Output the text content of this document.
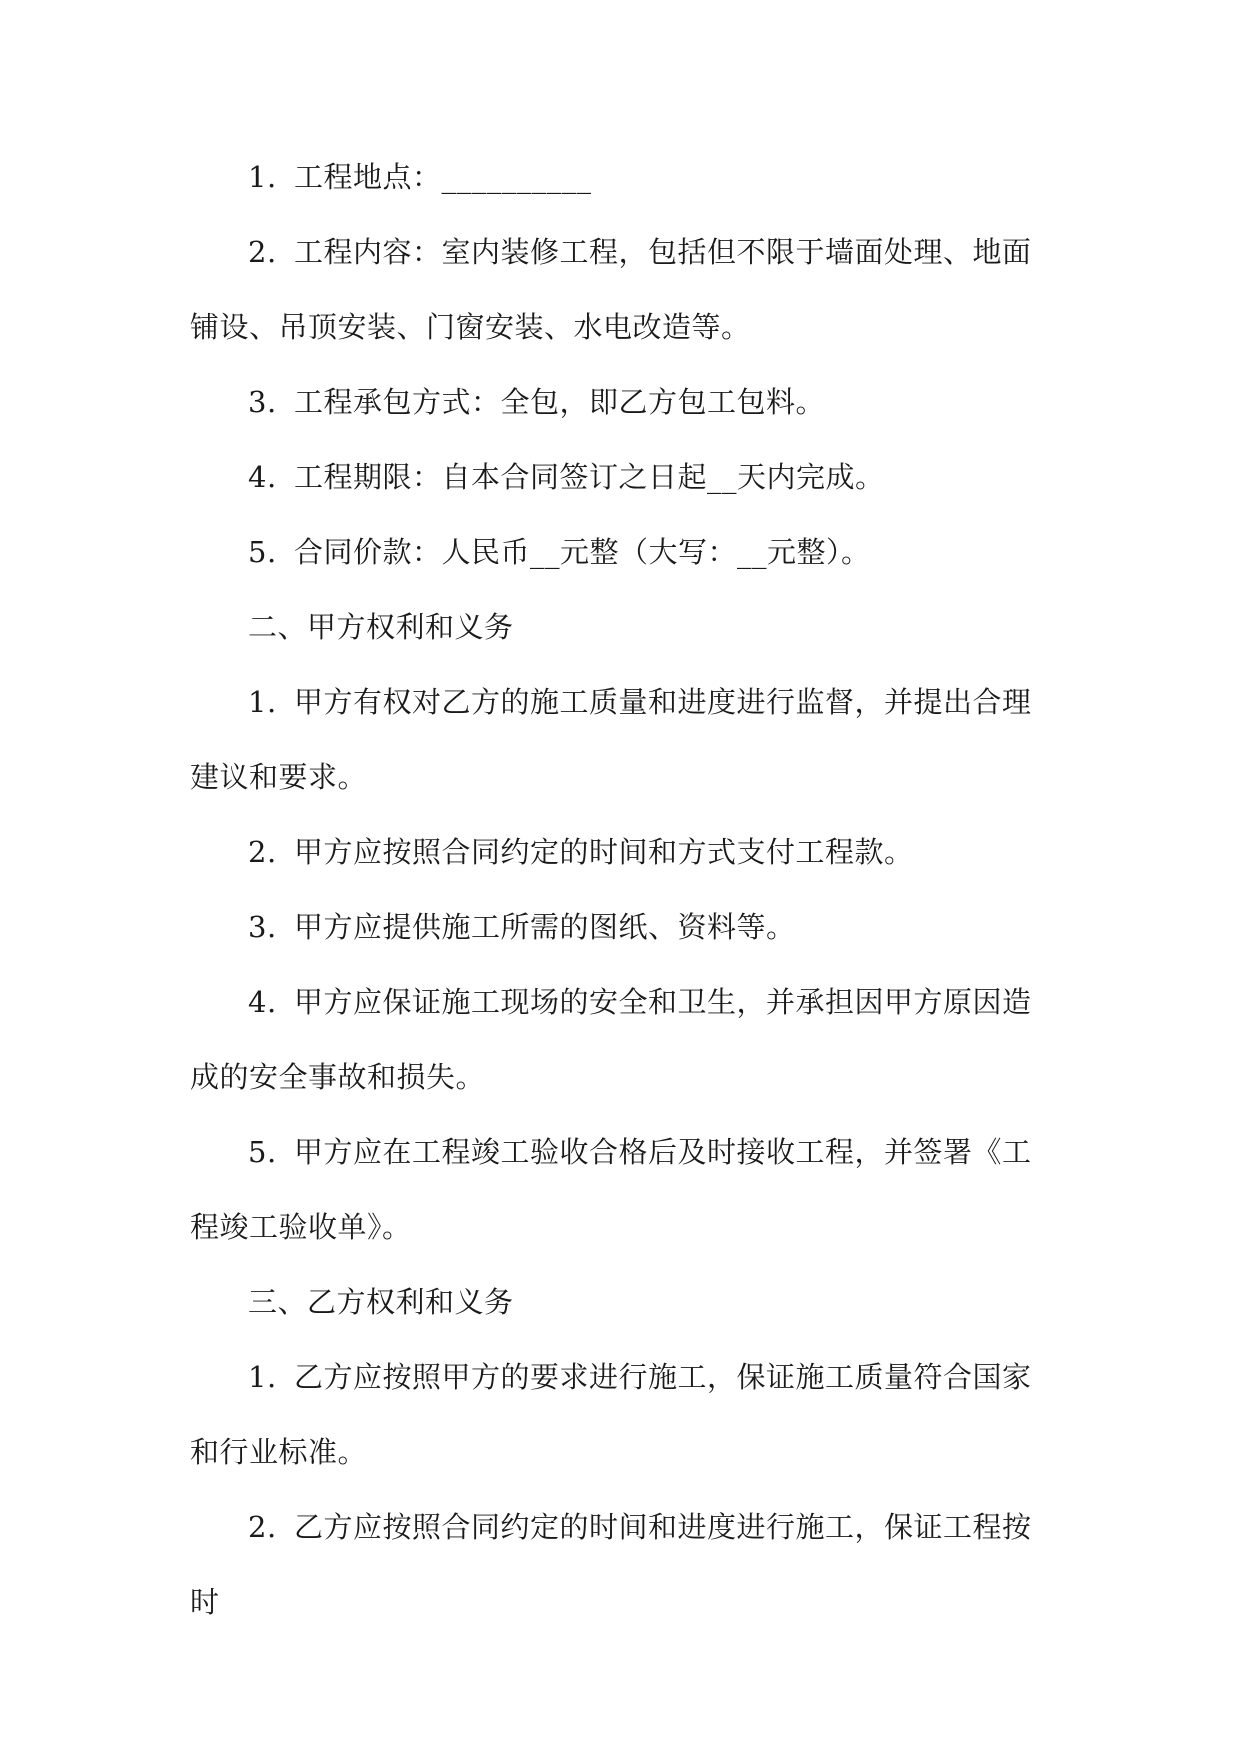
1. 工程地点：__________

2. 工程内容：室内装修工程，包括但不限于墙面处理、地面铺设、吊顶安装、门窗安装、水电改造等。

3. 工程承包方式：全包，即乙方包工包料。

4. 工程期限：自本合同签订之日起__天内完成。

5. 合同价款：人民币__元整（大写：__元整）。

二、甲方权利和义务

1. 甲方有权对乙方的施工质量和进度进行监督，并提出合理建议和要求。

2. 甲方应按照合同约定的时间和方式支付工程款。

3. 甲方应提供施工所需的图纸、资料等。

4. 甲方应保证施工现场的安全和卫生，并承担因甲方原因造成的安全事故和损失。

5. 甲方应在工程竣工验收合格后及时接收工程，并签署《工程竣工验收单》。

三、乙方权利和义务

1. 乙方应按照甲方的要求进行施工，保证施工质量符合国家和行业标准。

2. 乙方应按照合同约定的时间和进度进行施工，保证工程按时
